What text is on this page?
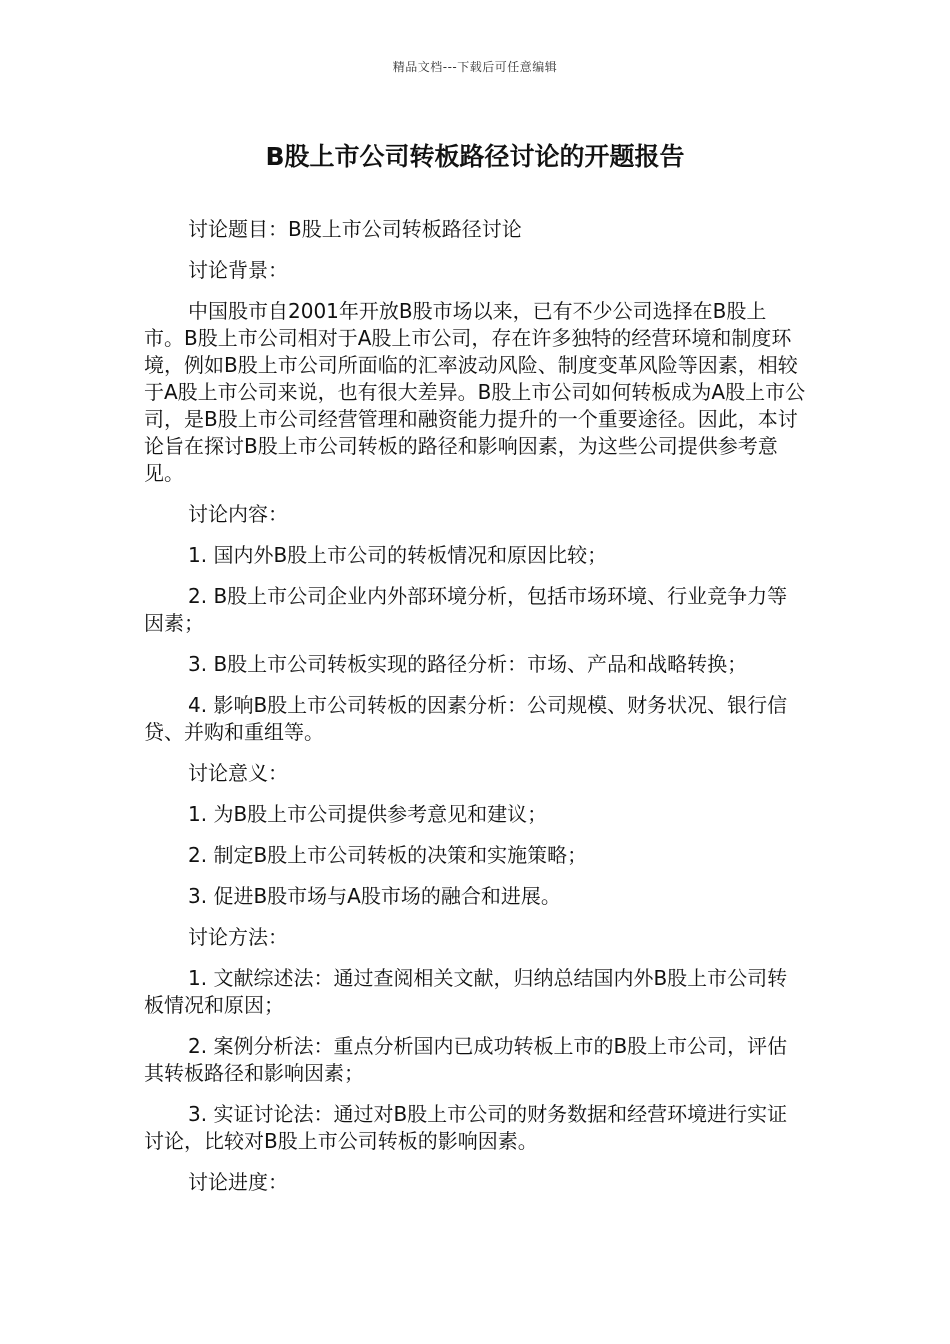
精品文档---下载后可任意编辑
B股上市公司转板路径讨论的开题报告

讨论题目：B股上市公司转板路径讨论

讨论背景：

中国股市自2001年开放B股市场以来，已有不少公司选择在B股上市。B股上市公司相对于A股上市公司，存在许多独特的经营环境和制度环境，例如B股上市公司所面临的汇率波动风险、制度变革风险等因素，相较于A股上市公司来说，也有很大差异。B股上市公司如何转板成为A股上市公司，是B股上市公司经营管理和融资能力提升的一个重要途径。因此，本讨论旨在探讨B股上市公司转板的路径和影响因素，为这些公司提供参考意见。

讨论内容：

1. 国内外B股上市公司的转板情况和原因比较；

2. B股上市公司企业内外部环境分析，包括市场环境、行业竞争力等因素；

3. B股上市公司转板实现的路径分析：市场、产品和战略转换；

4. 影响B股上市公司转板的因素分析：公司规模、财务状况、银行信贷、并购和重组等。

讨论意义：

1. 为B股上市公司提供参考意见和建议；

2. 制定B股上市公司转板的决策和实施策略；

3. 促进B股市场与A股市场的融合和进展。

讨论方法：

1. 文献综述法：通过查阅相关文献，归纳总结国内外B股上市公司转板情况和原因；

2. 案例分析法：重点分析国内已成功转板上市的B股上市公司，评估其转板路径和影响因素；

3. 实证讨论法：通过对B股上市公司的财务数据和经营环境进行实证讨论，比较对B股上市公司转板的影响因素。

讨论进度：
